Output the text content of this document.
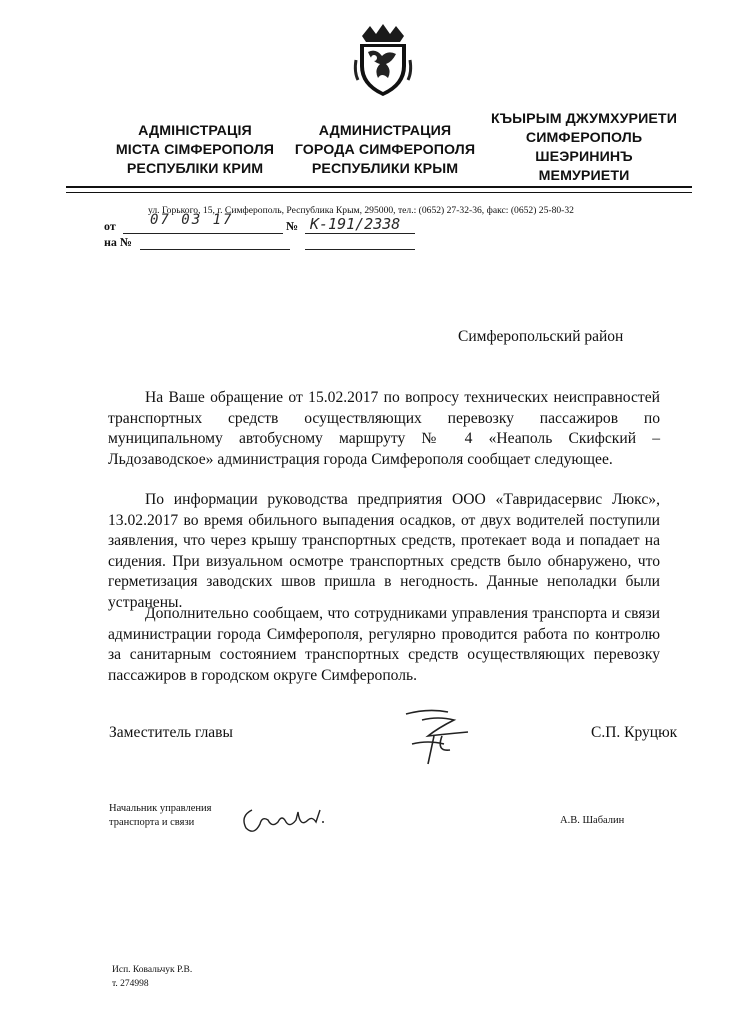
АДМІНІСТРАЦІЯ
МІСТА СІМФЕРОПОЛЯ
РЕСПУБЛІКИ КРИМ
АДМИНИСТРАЦИЯ
ГОРОДА СИМФЕРОПОЛЯ
РЕСПУБЛИКИ КРЫМ
КЪЫРЫМ ДЖУМХУРИЕТИ
СИМФЕРОПОЛЬ
ШЕЭРИНИНЪ
МЕМУРИЕТИ
ул. Горького, 15, г. Симферополь, Республика Крым, 295000, тел.: (0652) 27-32-36, факс: (0652) 25-80-32
от 07 03 17	№ К-191/2338
на №
Симферопольский район

На Ваше обращение от 15.02.2017 по вопросу технических неисправностей транспортных средств осуществляющих перевозку пассажиров по муниципальному автобусному маршруту № 4 «Неаполь Скифский – Льдозаводское» администрация города Симферополя сообщает следующее.

По информации руководства предприятия ООО «Тавридасервис Люкс», 13.02.2017 во время обильного выпадения осадков, от двух водителей поступили заявления, что через крышу транспортных средств, протекает вода и попадает на сидения. При визуальном осмотре транспортных средств было обнаружено, что герметизация заводских швов пришла в негодность. Данные неполадки были устранены.

Дополнительно сообщаем, что сотрудниками управления транспорта и связи администрации города Симферополя, регулярно проводится работа по контролю за санитарным состоянием транспортных средств осуществляющих перевозку пассажиров в городском округе Симферополь.

Заместитель главы	С.П. Круцюк
Начальник управления
транспорта и связи	А.В. Шабалин
Исп. Ковальчук Р.В.
т. 274998
